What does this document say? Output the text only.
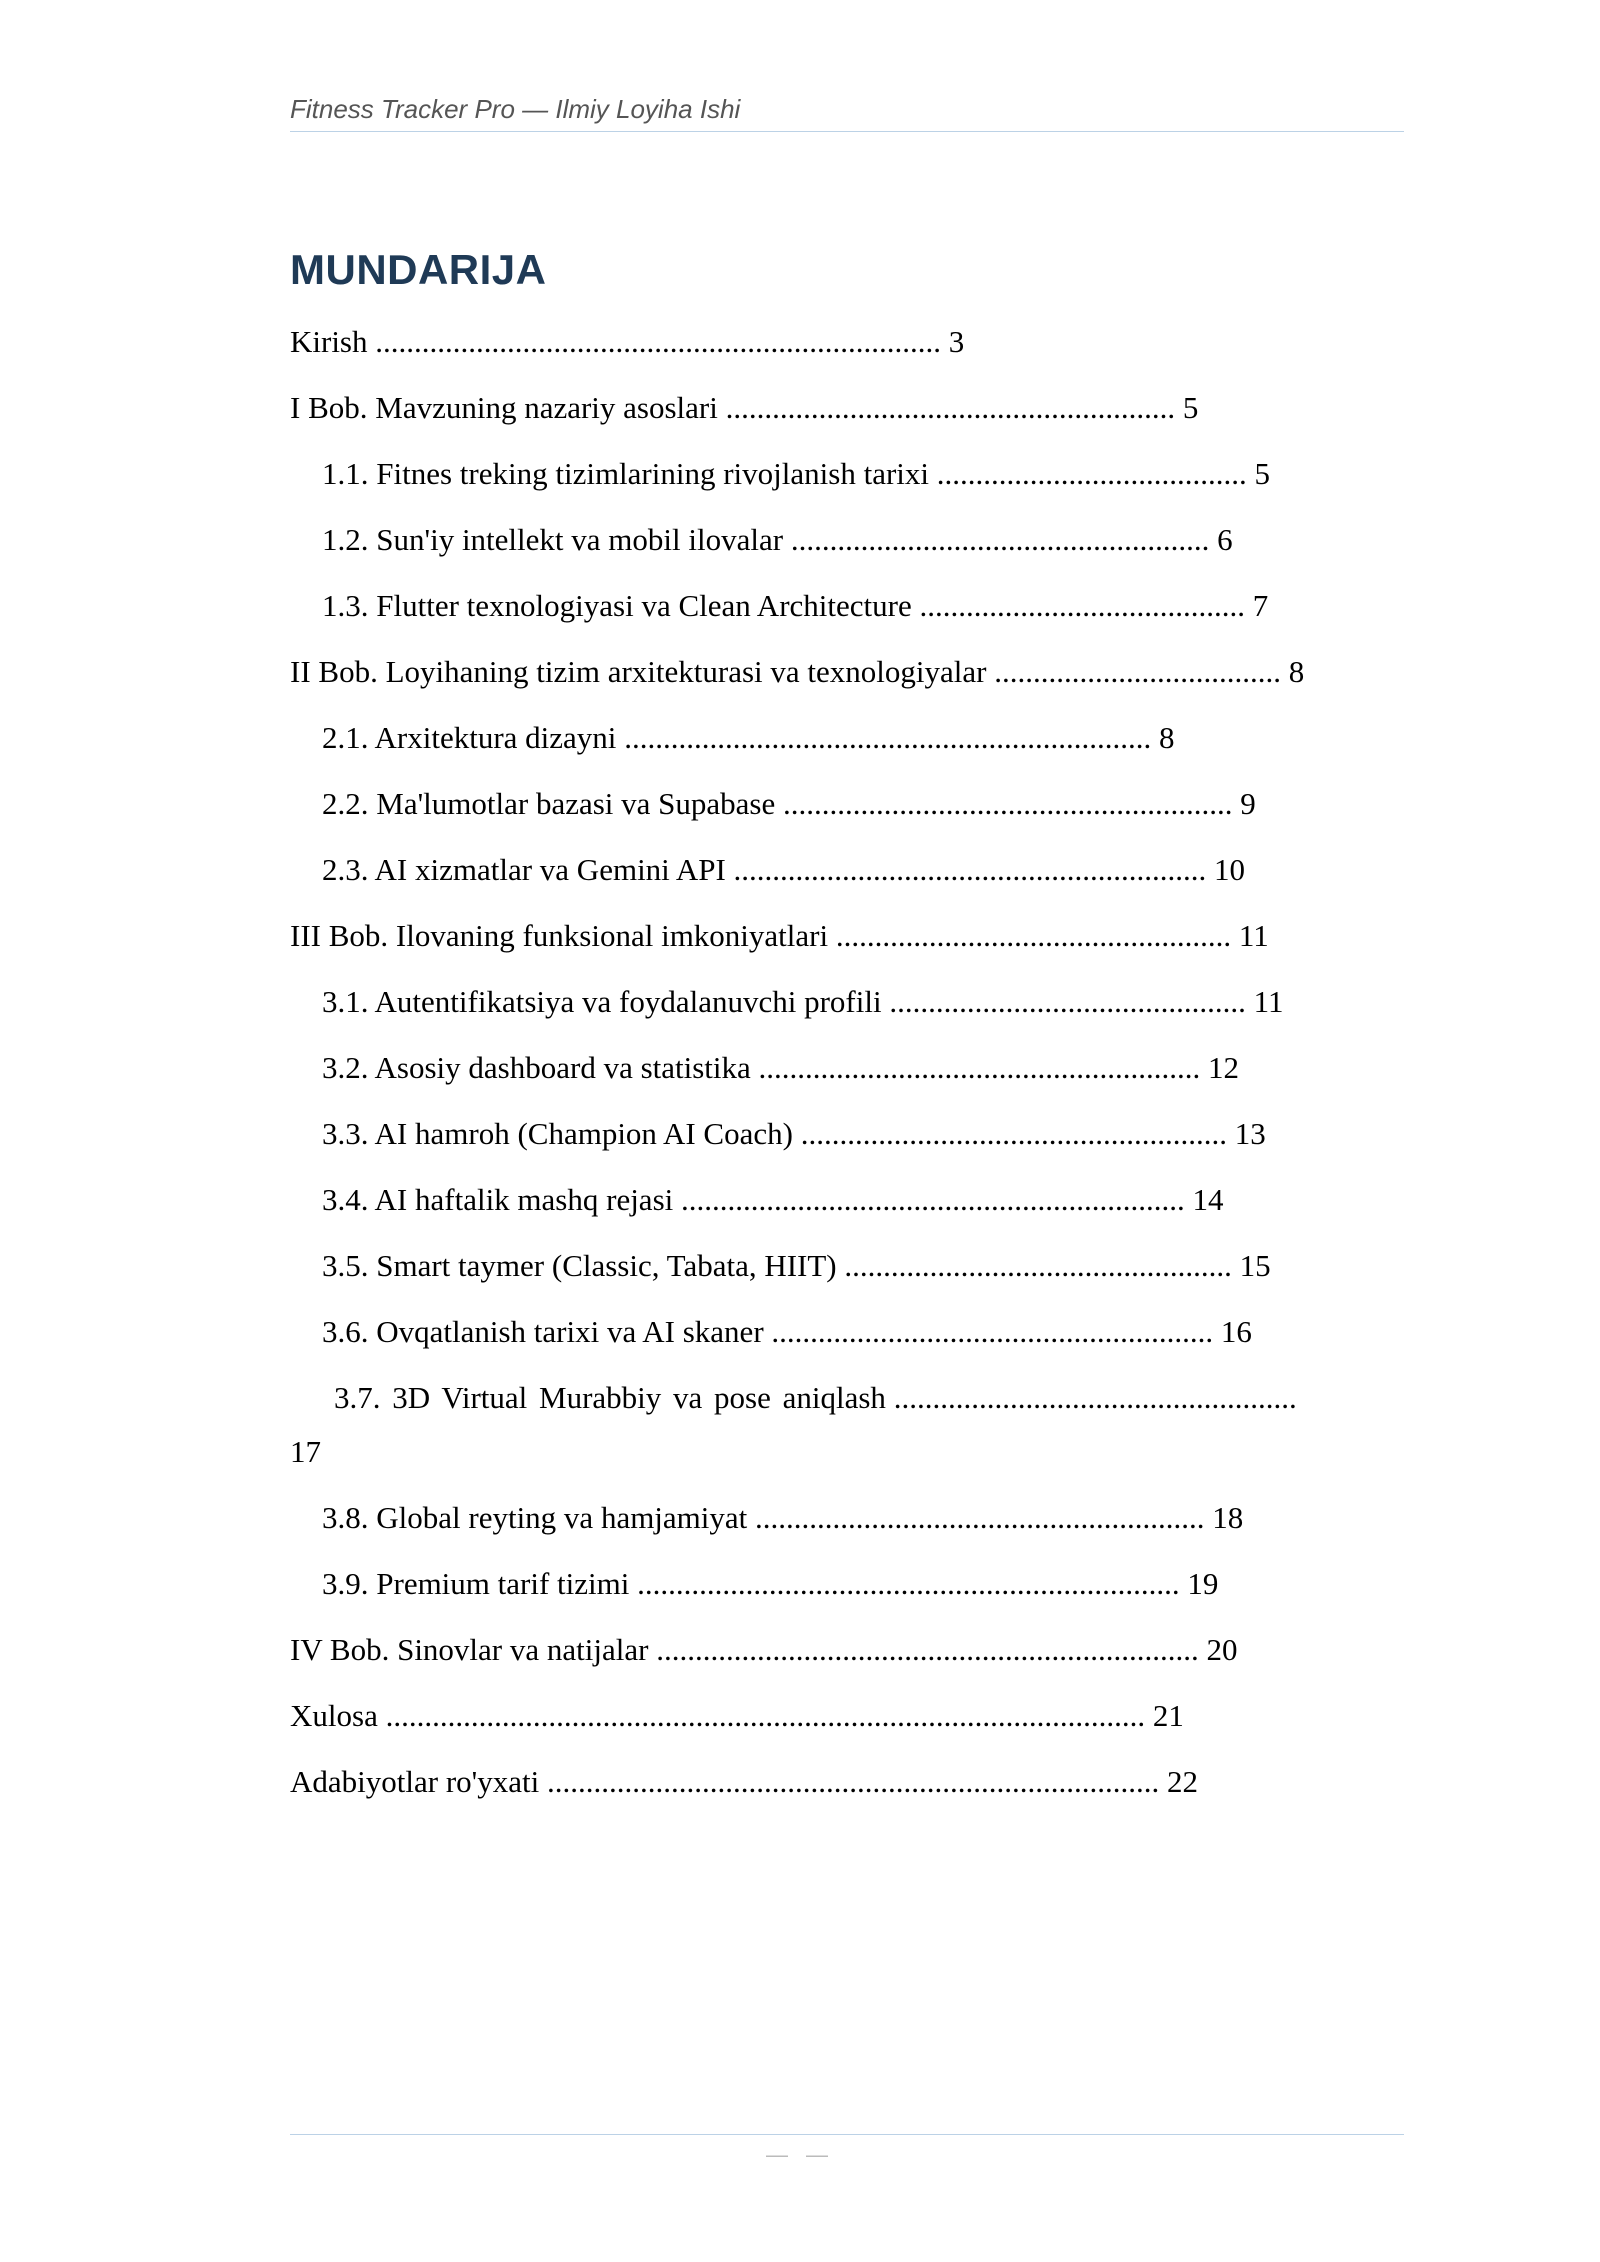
Fitness Tracker Pro — Ilmiy Loyiha Ishi
MUNDARIJA
Kirish ......................................................................... 3
I Bob. Mavzuning nazariy asoslari .......................................................... 5
1.1. Fitnes treking tizimlarining rivojlanish tarixi ........................................ 5
1.2. Sun'iy intellekt va mobil ilovalar ...................................................... 6
1.3. Flutter texnologiyasi va Clean Architecture .......................................... 7
II Bob. Loyihaning tizim arxitekturasi va texnologiyalar ..................................... 8
2.1. Arxitektura dizayni .................................................................... 8
2.2. Ma'lumotlar bazasi va Supabase .......................................................... 9
2.3. AI xizmatlar va Gemini API ............................................................. 10
III Bob. Ilovaning funksional imkoniyatlari ................................................... 11
3.1. Autentifikatsiya va foydalanuvchi profili .............................................. 11
3.2. Asosiy dashboard va statistika ......................................................... 12
3.3. AI hamroh (Champion AI Coach) ....................................................... 13
3.4. AI haftalik mashq rejasi ................................................................. 14
3.5. Smart taymer (Classic, Tabata, HIIT) .................................................. 15
3.6. Ovqatlanish tarixi va AI skaner ......................................................... 16
3.7. 3D Virtual Murabbiy va pose aniqlash ....................................................
17
3.8. Global reyting va hamjamiyat .......................................................... 18
3.9. Premium tarif tizimi ...................................................................... 19
IV Bob. Sinovlar va natijalar ...................................................................... 20
Xulosa .................................................................................................. 21
Adabiyotlar ro'yxati ............................................................................... 22
— —
